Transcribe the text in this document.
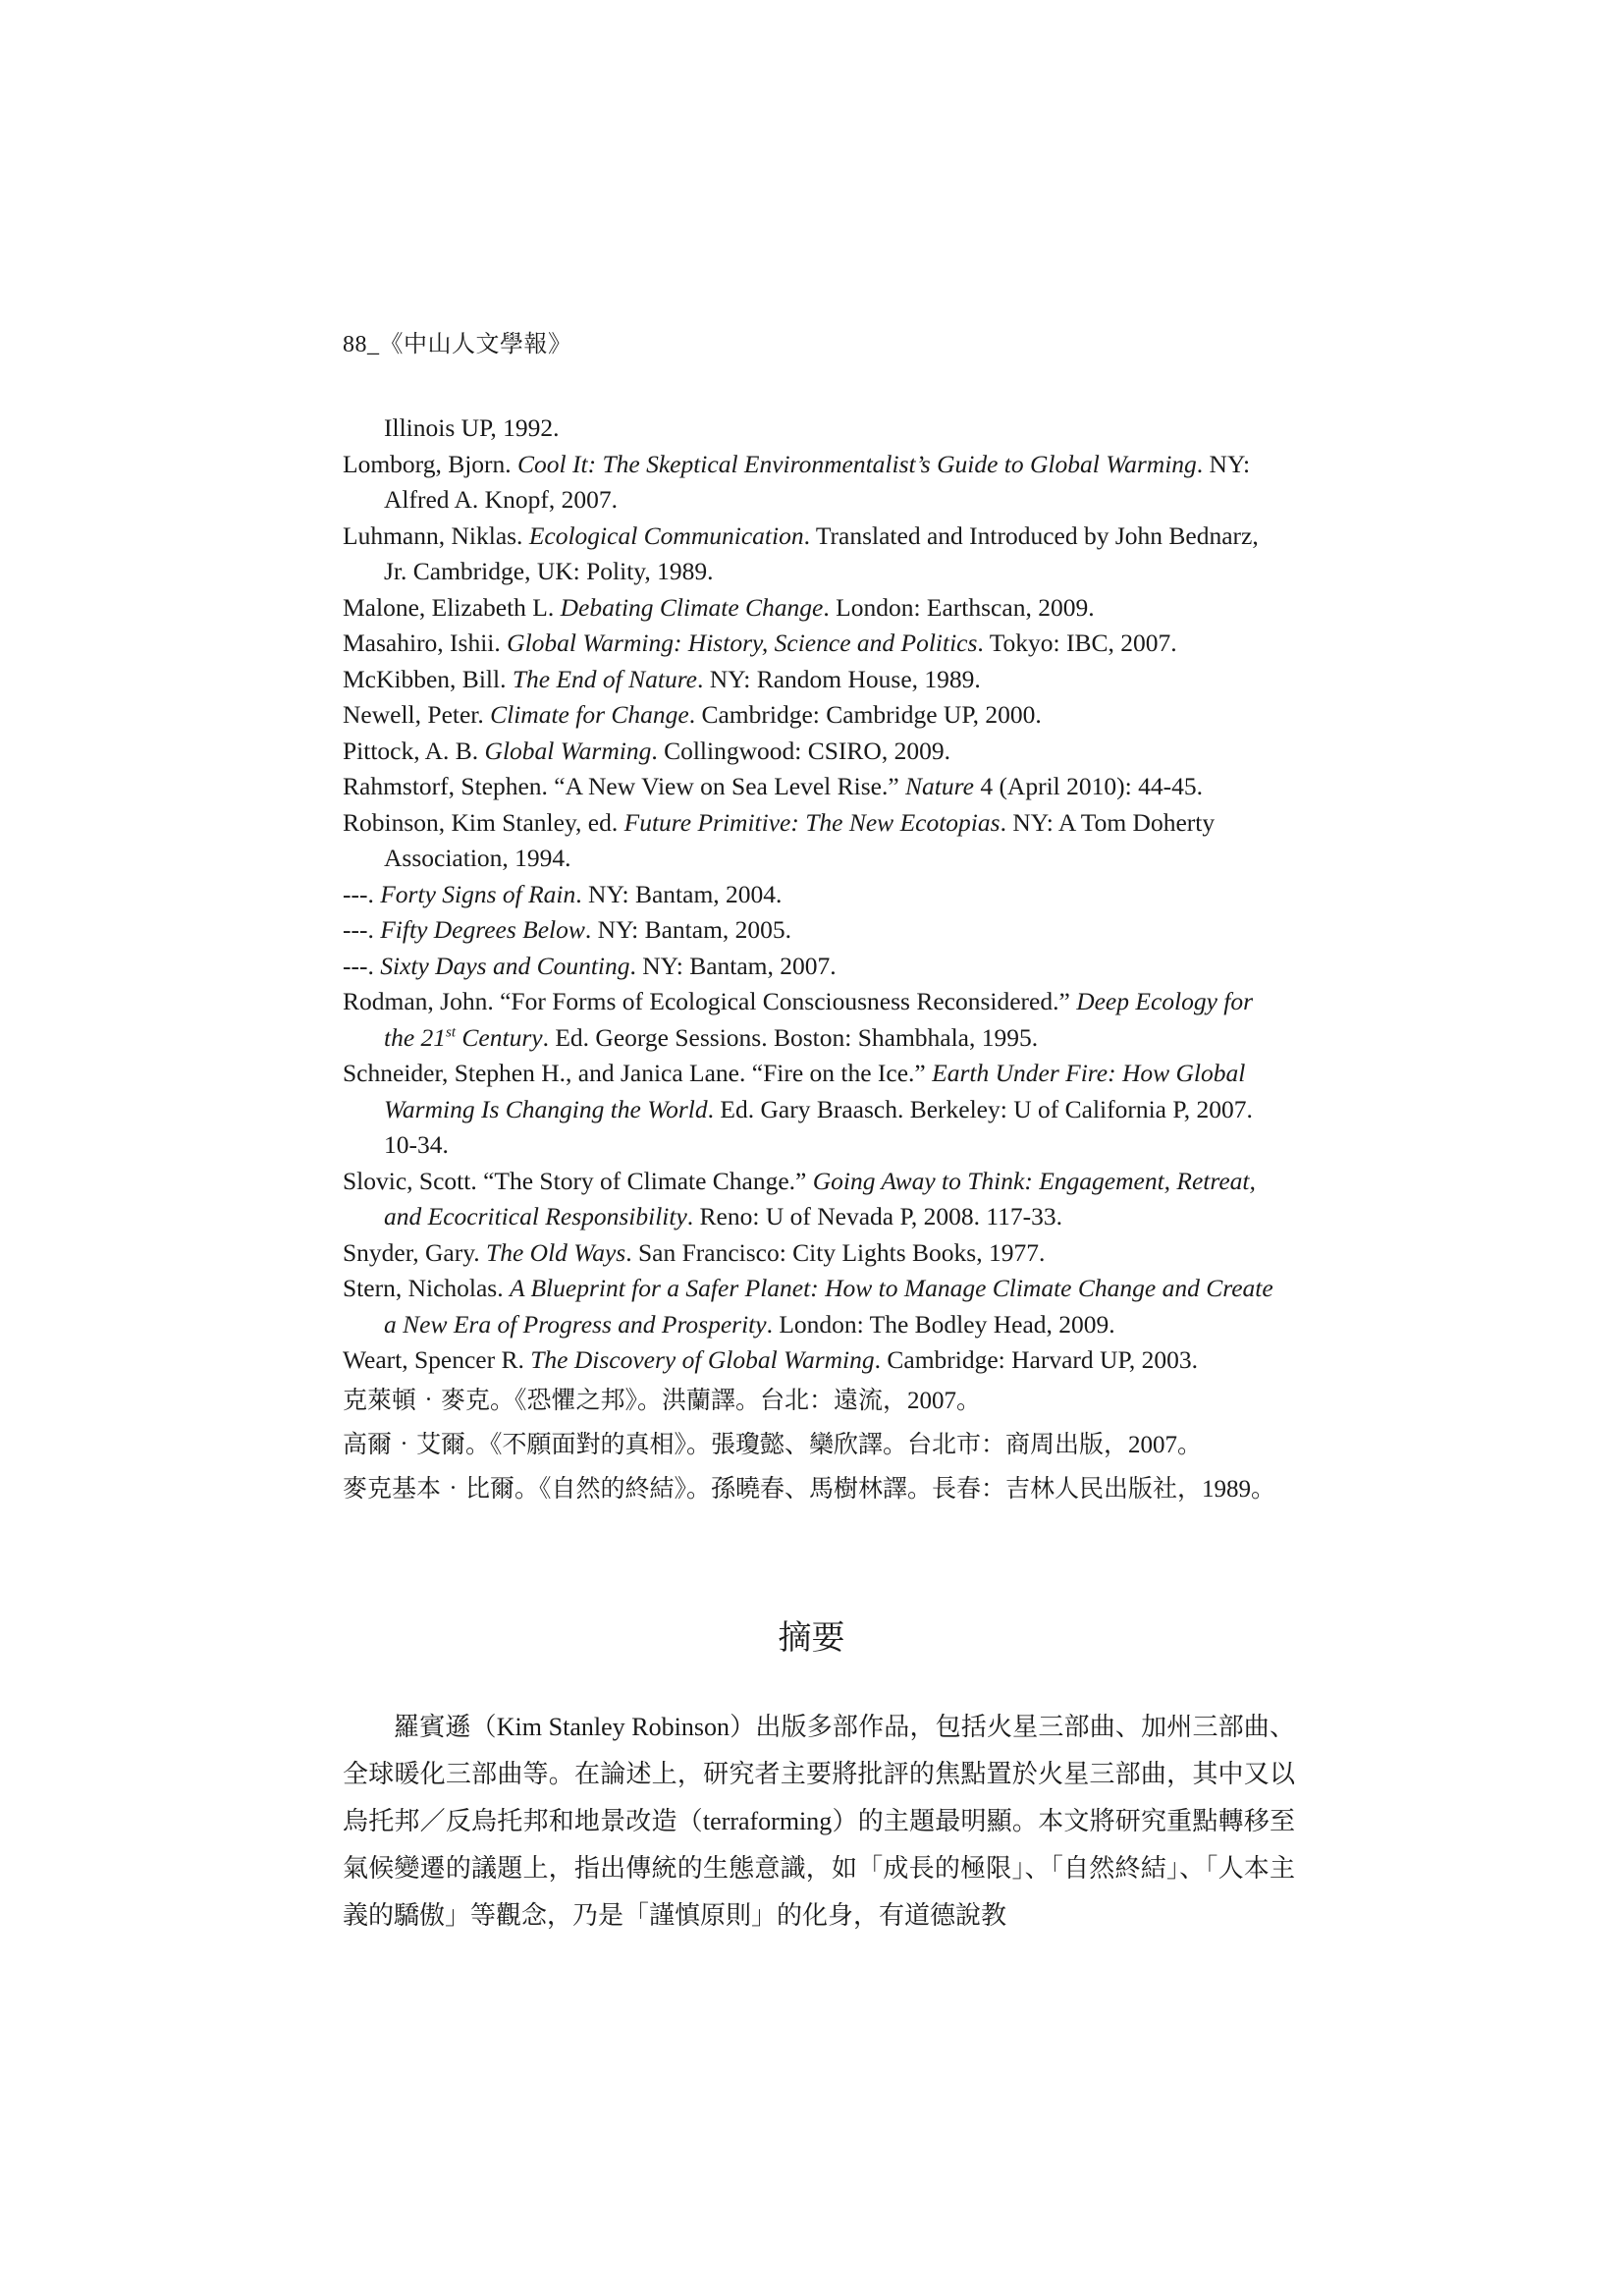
88_《中山人文學報》
Illinois UP, 1992.
Lomborg, Bjorn. Cool It: The Skeptical Environmentalist’s Guide to Global Warming. NY: Alfred A. Knopf, 2007.
Luhmann, Niklas. Ecological Communication. Translated and Introduced by John Bednarz, Jr. Cambridge, UK: Polity, 1989.
Malone, Elizabeth L. Debating Climate Change. London: Earthscan, 2009.
Masahiro, Ishii. Global Warming: History, Science and Politics. Tokyo: IBC, 2007.
McKibben, Bill. The End of Nature. NY: Random House, 1989.
Newell, Peter. Climate for Change. Cambridge: Cambridge UP, 2000.
Pittock, A. B. Global Warming. Collingwood: CSIRO, 2009.
Rahmstorf, Stephen. “A New View on Sea Level Rise.” Nature 4 (April 2010): 44-45.
Robinson, Kim Stanley, ed. Future Primitive: The New Ecotopias. NY: A Tom Doherty Association, 1994.
---. Forty Signs of Rain. NY: Bantam, 2004.
---. Fifty Degrees Below. NY: Bantam, 2005.
---. Sixty Days and Counting. NY: Bantam, 2007.
Rodman, John. “For Forms of Ecological Consciousness Reconsidered.” Deep Ecology for the 21st Century. Ed. George Sessions. Boston: Shambhala, 1995.
Schneider, Stephen H., and Janica Lane. “Fire on the Ice.” Earth Under Fire: How Global Warming Is Changing the World. Ed. Gary Braasch. Berkeley: U of California P, 2007. 10-34.
Slovic, Scott. “The Story of Climate Change.” Going Away to Think: Engagement, Retreat, and Ecocritical Responsibility. Reno: U of Nevada P, 2008. 117-33.
Snyder, Gary. The Old Ways. San Francisco: City Lights Books, 1977.
Stern, Nicholas. A Blueprint for a Safer Planet: How to Manage Climate Change and Create a New Era of Progress and Prosperity. London: The Bodley Head, 2009.
Weart, Spencer R. The Discovery of Global Warming. Cambridge: Harvard UP, 2003.
克萊頓‧麥克。《恐懼之邦》。洪蘭譯。台北：遠流，2007。
高爾‧艾爾。《不願面對的真相》。張瓊懿、欒欣譯。台北市：商周出版，2007。
麥克基本‧比爾。《自然的終結》。孫曉春、馬樹林譯。長春：吉林人民出版社，1989。
摘要
羅賓遜（Kim Stanley Robinson）出版多部作品，包括火星三部曲、加州三部曲、全球暖化三部曲等。在論述上，研究者主要將批評的焦點置於火星三部曲，其中又以烏托邦／反烏托邦和地景改造（terraforming）的主題最明顯。本文將研究重點轉移至氣候變遷的議題上，指出傳統的生態意識，如「成長的極限」、「自然終結」、「人本主義的驕傲」等觀念，乃是「謹慎原則」的化身，有道德說教
